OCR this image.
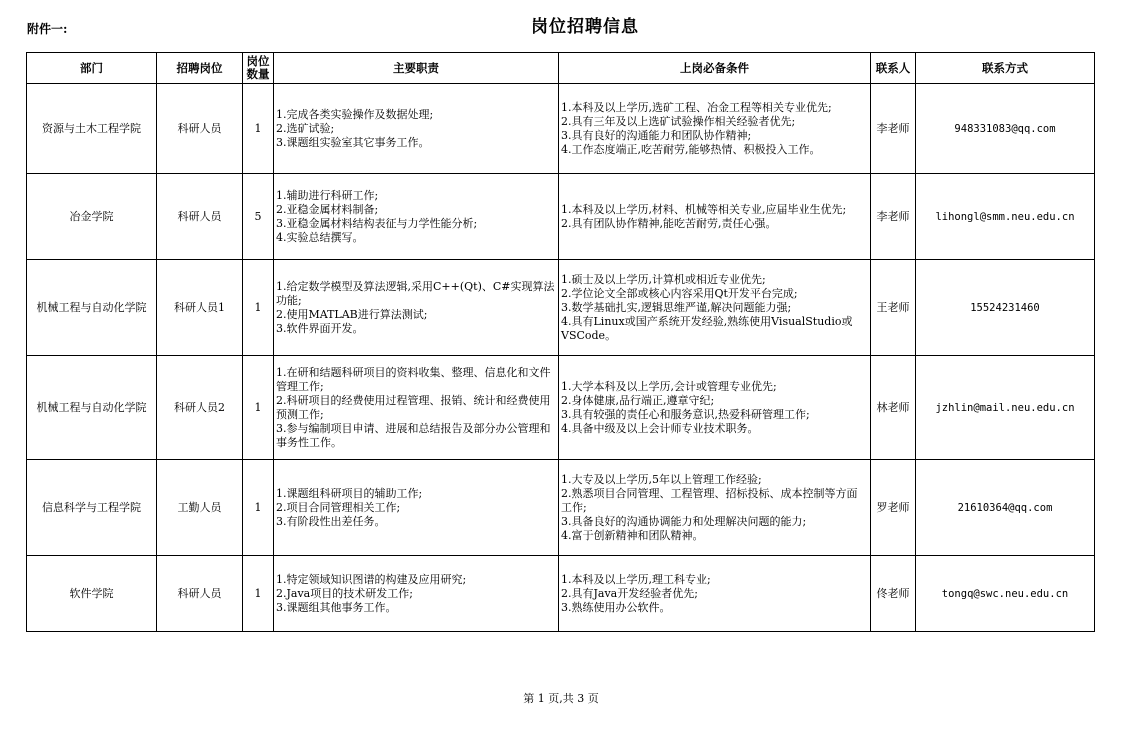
附件一:	岗位招聘信息
部门	招聘岗位	岗位数量	主要职责	上岗必备条件	联系人	联系方式
资源与土木工程学院	科研人员	1	1.完成各类实验操作及数据处理;
2.选矿试验;
3.课题组实验室其它事务工作。	1.本科及以上学历,选矿工程、冶金工程等相关专业优先;
2.具有三年及以上选矿试验操作相关经验者优先;
3.具有良好的沟通能力和团队协作精神;
4.工作态度端正,吃苦耐劳,能够热情、积极投入工作。	李老师	948331083@qq.com
冶金学院	科研人员	5	1.辅助进行科研工作;
2.亚稳金属材料制备;
3.亚稳金属材料结构表征与力学性能分析;
4.实验总结撰写。	1.本科及以上学历,材料、机械等相关专业,应届毕业生优先;
2.具有团队协作精神,能吃苦耐劳,责任心强。	李老师	lihongl@smm.neu.edu.cn
机械工程与自动化学院	科研人员1	1	1.给定数学模型及算法逻辑,采用C++(Qt)、C#实现算法功能;
2.使用MATLAB进行算法测试;
3.软件界面开发。	1.硕士及以上学历,计算机或相近专业优先;
2.学位论文全部或核心内容采用Qt开发平台完成;
3.数学基础扎实,逻辑思维严谨,解决问题能力强;
4.具有Linux或国产系统开发经验,熟练使用VisualStudio或VSCode。	王老师	15524231460
机械工程与自动化学院	科研人员2	1	1.在研和结题科研项目的资料收集、整理、信息化和文件管理工作;
2.科研项目的经费使用过程管理、报销、统计和经费使用预测工作;
3.参与编制项目申请、进展和总结报告及部分办公管理和事务性工作。	1.大学本科及以上学历,会计或管理专业优先;
2.身体健康,品行端正,遵章守纪;
3.具有较强的责任心和服务意识,热爱科研管理工作;
4.具备中级及以上会计师专业技术职务。	林老师	jzhlin@mail.neu.edu.cn
信息科学与工程学院	工勤人员	1	1.课题组科研项目的辅助工作;
2.项目合同管理相关工作;
3.有阶段性出差任务。	1.大专及以上学历,5年以上管理工作经验;
2.熟悉项目合同管理、工程管理、招标投标、成本控制等方面工作;
3.具备良好的沟通协调能力和处理解决问题的能力;
4.富于创新精神和团队精神。	罗老师	21610364@qq.com
软件学院	科研人员	1	1.特定领域知识图谱的构建及应用研究;
2.Java项目的技术研发工作;
3.课题组其他事务工作。	1.本科及以上学历,理工科专业;
2.具有Java开发经验者优先;
3.熟练使用办公软件。	佟老师	tongq@swc.neu.edu.cn
第 1 页,共 3 页
